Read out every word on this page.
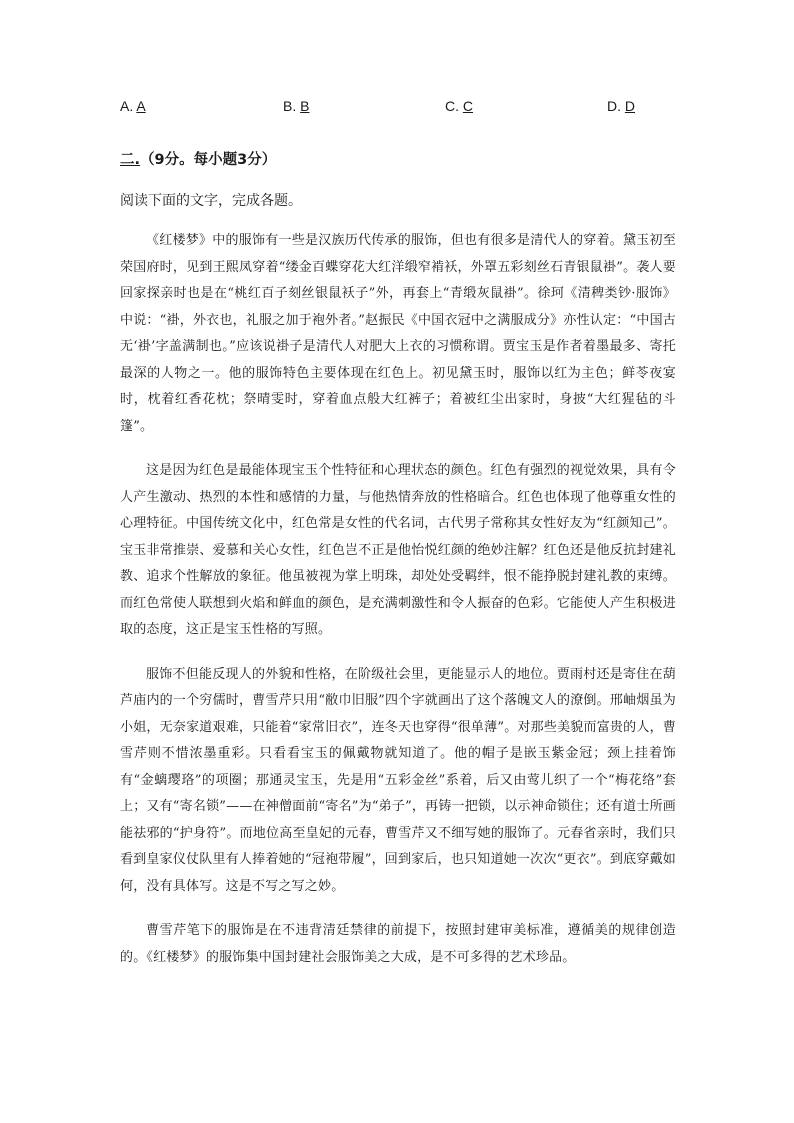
A. A	B. B	C. C	D. D
二.（9分。每小题3分）
阅读下面的文字，完成各题。

《红楼梦》中的服饰有一些是汉族历代传承的服饰，但也有很多是清代人的穿着。黛玉初至荣国府时，见到王熙凤穿着“缕金百蝶穿花大红洋缎窄褃袄，外罩五彩刻丝石青银鼠褂”。袭人要回家探亲时也是在“桃红百子刻丝银鼠袄子”外，再套上“青缎灰鼠褂”。徐珂《清稗类钞·服饰》中说：“褂，外衣也，礼服之加于袍外者。”赵振民《中国衣冠中之满服成分》亦性认定：“中国古无‘褂’字盖满制也。”应该说褂子是清代人对肥大上衣的习惯称谓。贾宝玉是作者着墨最多、寄托最深的人物之一。他的服饰特色主要体现在红色上。初见黛玉时，服饰以红为主色；鲜苓夜宴时，枕着红香花枕；祭晴雯时，穿着血点般大红裤子；着被红尘出家时，身披“大红猩毡的斗篷”。

这是因为红色是最能体现宝玉个性特征和心理状态的颜色。红色有强烈的视觉效果，具有令人产生激动、热烈的本性和感情的力量，与他热情奔放的性格暗合。红色也体现了他尊重女性的心理特征。中国传统文化中，红色常是女性的代名词，古代男子常称其女性好友为“红颜知己”。宝玉非常推崇、爱慕和关心女性，红色岂不正是他怡悦红颜的绝妙注解？红色还是他反抗封建礼教、追求个性解放的象征。他虽被视为掌上明珠，却处处受羁绊，恨不能挣脱封建礼教的束缚。而红色常使人联想到火焰和鲜血的颜色，是充满刺激性和令人振奋的色彩。它能使人产生积极进取的态度，这正是宝玉性格的写照。

服饰不但能反现人的外貌和性格，在阶级社会里，更能显示人的地位。贾雨村还是寄住在葫芦庙内的一个穷儒时，曹雪芹只用“敝巾旧服”四个字就画出了这个落魄文人的潦倒。邢岫烟虽为小姐，无奈家道艰难，只能着“家常旧衣”，连冬天也穿得“很单薄”。对那些美貌而富贵的人，曹雪芹则不惜浓墨重彩。只看看宝玉的佩戴物就知道了。他的帽子是嵌玉紫金冠；颈上挂着饰有“金螭璎珞”的项圈；那通灵宝玉，先是用“五彩金丝”系着，后又由莺儿织了一个“梅花络”套上；又有“寄名锁”——在神僧面前“寄名”为“弟子”，再铸一把锁，以示神命锁住；还有道士所画能祛邪的“护身符”。而地位高至皇妃的元春，曹雪芹又不细写她的服饰了。元春省亲时，我们只看到皇家仪仗队里有人捧着她的“冠袍带履”，回到家后，也只知道她一次次“更衣”。到底穿戴如何，没有具体写。这是不写之写之妙。

曹雪芹笔下的服饰是在不违背清廷禁律的前提下，按照封建审美标准，遵循美的规律创造的。《红楼梦》的服饰集中国封建社会服饰美之大成，是不可多得的艺术珍品。
